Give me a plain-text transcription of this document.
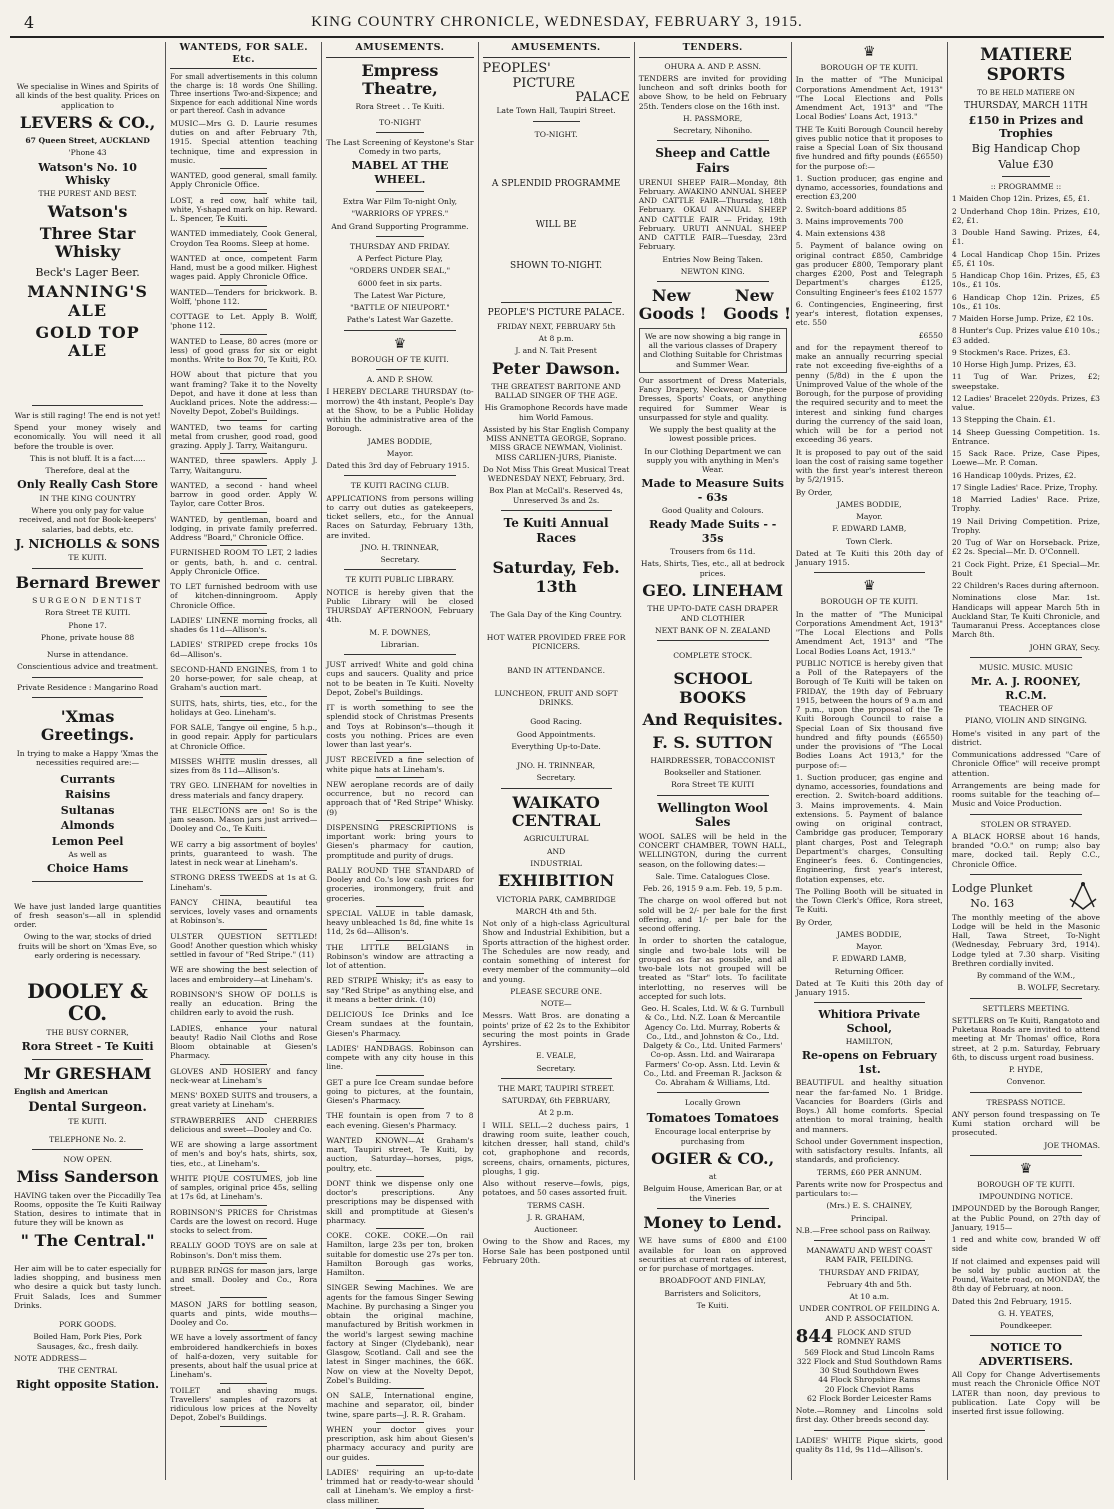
4	KING COUNTRY CHRONICLE, WEDNESDAY, FEBRUARY 3, 1915.

We specialise in Wines and Spirits of all kinds of the best quality. Prices on application to

LEVERS & CO.,

67 Queen Street, AUCKLAND

'Phone 43

Watson's No. 10 Whisky

THE PUREST AND BEST.

Watson's
Three Star Whisky
Beck's Lager Beer.
MANNING'S ALE
GOLD TOP ALE

War is still raging! The end is not yet!

Spend your money wisely and economically. You will need it all before the trouble is over.

This is not bluff. It is a fact.....

Therefore, deal at the

Only Really Cash Store

IN THE KING COUNTRY

Where you only pay for value received, and not for Book-keepers' salaries, bad debts, etc.

J. NICHOLLS & SONS

TE KUITI.

Bernard Brewer

SURGEON DENTIST

Rora Street TE KUITI.

Phone 17.

Phone, private house 88

Nurse in attendance.

Conscientious advice and treatment.

Private Residence : Mangarino Road

'Xmas Greetings.

In trying to make a Happy 'Xmas the necessities required are:—

Currants
Raisins
Sultanas
Almonds
Lemon Peel

As well as

Choice Hams

We have just landed large quantities of fresh season's—all in splendid order.

Owing to the war, stocks of dried fruits will be short on 'Xmas Eve, so early ordering is necessary.

DOOLEY & CO.

THE BUSY CORNER,

Rora Street - Te Kuiti
Mr GRESHAM

English and American

Dental Surgeon.

TE KUITI.

TELEPHONE No. 2.

NOW OPEN.

Miss Sanderson

HAVING taken over the Piccadilly Tea Rooms, opposite the Te Kuiti Railway Station, desires to intimate that in future they will be known as

" The Central."

Her aim will be to cater especially for ladies shopping, and business men who desire a quick but tasty lunch. Fruit Salads, Ices and Summer Drinks.

PORK GOODS.

Boiled Ham, Pork Pies, Pork Sausages, &c., fresh daily.

NOTE ADDRESS—

THE CENTRAL

Right opposite Station.
WANTEDS, FOR SALE. Etc.

For small advertisements in this column the charge is: 18 words One Shilling. Three insertions Two-and-Sixpence; and Sixpence for each additional Nine words or part thereof. Cash in advance

MUSIC—Mrs G. D. Laurie resumes duties on and after February 7th, 1915. Special attention teaching technique, time and expression in music.

WANTED, good general, small family. Apply Chronicle Office.

LOST, a red cow, half white tail, white, Y-shaped mark on hip. Reward. L. Spencer, Te Kuiti.

WANTED immediately, Cook General, Croydon Tea Rooms. Sleep at home.

WANTED at once, competent Farm Hand, must be a good milker. Highest wages paid. Apply Chronicle Office.

WANTED—Tenders for brickwork. B. Wolff, 'phone 112.

COTTAGE to Let. Apply B. Wolff, 'phone 112.

WANTED to Lease, 80 acres (more or less) of good grass for six or eight months. Write to Box 70, Te Kuiti, P.O.

HOW about that picture that you want framing? Take it to the Novelty Depot, and have it done at less than Auckland prices. Note the address:—Novelty Depot, Zobel's Buildings.

WANTED, two teams for carting metal from crusher, good road, good grazing. Apply J. Tarry, Waitanguru.

WANTED, three spawlers. Apply J. Tarry, Waitanguru.

WANTED, a second - hand wheel barrow in good order. Apply W. Taylor, care Cotter Bros.

WANTED, by gentleman, board and lodging, in private family preferred. Address "Board," Chronicle Office.

FURNISHED ROOM TO LET, 2 ladies or gents, bath, h. and c. central. Apply Chronicle Office.

TO LET furnished bedroom with use of kitchen-dinningroom. Apply Chronicle Office.

LADIES' LINENE morning frocks, all shades 6s 11d—Allison's.

LADIES' STRIPED crepe frocks 10s 6d—Allison's.

SECOND-HAND ENGINES, from 1 to 20 horse-power, for sale cheap, at Graham's auction mart.

SUITS, hats, shirts, ties, etc., for the holidays at Geo. Lineham's.

FOR SALE, Tangye oil engine, 5 h.p., in good repair. Apply for particulars at Chronicle Office.

MISSES WHITE muslin dresses, all sizes from 8s 11d—Allison's.

TRY GEO. LINEHAM for novelties in dress materials and fancy drapery.

THE ELECTIONS are on! So is the jam season. Mason jars just arrived—Dooley and Co., Te Kuiti.

WE carry a big assortment of boyles' prints, guaranteed to wash. The latest in neck wear at Lineham's.

STRONG DRESS TWEEDS at 1s at G. Lineham's.

FANCY CHINA, beautiful tea services, lovely vases and ornaments at Robinson's.

ULSTER QUESTION SETTLED! Good! Another question which whisky settled in favour of "Red Stripe." (11)

WE are showing the best selection of laces and embroidery—at Lineham's.

ROBINSON'S SHOW OF DOLLS is really an education. Bring the children early to avoid the rush.

LADIES, enhance your natural beauty! Radio Nail Cloths and Rose Bloom obtainable at Giesen's Pharmacy.

GLOVES AND HOSIERY and fancy neck-wear at Lineham's

MENS' BOXED SUITS and trousers, a great variety at Lineham's.

STRAWBERRIES AND CHERRIES delicious and sweet—Dooley and Co.

WE are showing a large assortment of men's and boy's hats, shirts, sox, ties, etc., at Lineham's.

WHITE PIQUE COSTUMES, job line of samples, original price 45s, selling at 17s 6d, at Lineham's.

ROBINSON'S PRICES for Christmas Cards are the lowest on record. Huge stocks to select from.

REALLY GOOD TOYS are on sale at Robinson's. Don't miss them.

RUBBER RINGS for mason jars, large and small. Dooley and Co., Rora street.

MASON JARS for bottling season, quarts and pints, wide mouths—Dooley and Co.

WE have a lovely assortment of fancy embroidered handkerchiefs in boxes of half-a-dozen, very suitable for presents, about half the usual price at Lineham's.

TOILET and shaving mugs. Travellers' samples of razors at ridiculous low prices at the Novelty Depot, Zobel's Buildings.

AMUSEMENTS.
Empress Theatre,

Rora Street . . Te Kuiti.

TO-NIGHT

The Last Screening of Keystone's Star Comedy in two parts,

MABEL AT THE WHEEL.

Extra War Film To-night Only,

"WARRIORS OF YPRES."

And Grand Supporting Programme.

THURSDAY AND FRIDAY.

A Perfect Picture Play,

"ORDERS UNDER SEAL,"

6000 feet in six parts.

The Latest War Picture,

"BATTLE OF NIEUPORT."

Pathe's Latest War Gazette.

♛

BOROUGH OF TE KUITI.

A. AND P. SHOW.

I HEREBY DECLARE THURSDAY (to-morrow) the 4th instant, People's Day at the Show, to be a Public Holiday within the administrative area of the Borough.

JAMES BODDIE,

Mayor.

Dated this 3rd day of February 1915.

TE KUITI RACING CLUB.

APPLICATIONS from persons willing to carry out duties as gatekeepers, ticket sellers, etc., for the Annual Races on Saturday, February 13th, are invited.

JNO. H. TRINNEAR,

Secretary.

TE KUITI PUBLIC LIBRARY.

NOTICE is hereby given that the Public Library will be closed THURSDAY AFTERNOON, February 4th.

M. F. DOWNES,

Librarian.

JUST arrived! White and gold china cups and saucers. Quality and price not to be beaten in Te Kuiti. Novelty Depot, Zobel's Buildings.

IT is worth something to see the splendid stock of Christmas Presents and Toys at Robinson's—though it costs you nothing. Prices are even lower than last year's.

JUST RECEIVED a fine selection of white pique hats at Lineham's.

NEW aeroplane records are of daily occurrence, but no record can approach that of "Red Stripe" Whisky. (9)

DISPENSING PRESCRIPTIONS is important work: bring yours to Giesen's pharmacy for caution, promptitude and purity of drugs.

RALLY ROUND THE STANDARD of Dooley and Co.'s low cash prices for groceries, ironmongery, fruit and groceries.

SPECIAL VALUE in table damask, heavy unbleached 1s 8d, fine white 1s 11d, 2s 6d—Allison's.

THE LITTLE BELGIANS in Robinson's window are attracting a lot of attention.

RED STRIPE Whisky; it's as easy to say "Red Stripe" as anything else, and it means a better drink. (10)

DELICIOUS Ice Drinks and Ice Cream sundaes at the fountain, Giesen's Pharmacy.

LADIES' HANDBAGS. Robinson can compete with any city house in this line.

GET a pure Ice Cream sundae before going to pictures, at the fountain, Giesen's Pharmacy.

THE fountain is open from 7 to 8 each evening. Giesen's Pharmacy.

WANTED KNOWN—At Graham's mart, Taupiri street, Te Kuiti, by auction, Saturday—horses, pigs, poultry, etc.

DONT think we dispense only one doctor's prescriptions. Any prescriptions may be dispensed with skill and promptitude at Giesen's pharmacy.

COKE. COKE. COKE.—On rail Hamilton, large 23s per ton, broken suitable for domestic use 27s per ton. Hamilton Borough gas works, Hamilton.

SINGER Sewing Machines. We are agents for the famous Singer Sewing Machine. By purchasing a Singer you obtain the original machine, manufactured by British workmen in the world's largest sewing machine factory at Singer (Clydebank), near Glasgow, Scotland. Call and see the latest in Singer machines, the 66K. Now on view at the Novelty Depot, Zobel's Building.

ON SALE, International engine, machine and separator, oil, binder twine, spare parts—J. R. R. Graham.

WHEN your doctor gives your prescription, ask him about Giesen's pharmacy accuracy and purity are our guides.

LADIES' requiring an up-to-date trimmed hat or ready-to-wear should call at Lineham's. We employ a first-class milliner.

AMUSEMENTS.
PEOPLES'
PICTURE
PALACE

Late Town Hall, Taupiri Street.

TO-NIGHT.

A SPLENDID PROGRAMME
WILL BE
SHOWN TO-NIGHT.

PEOPLE'S PICTURE PALACE.

FRIDAY NEXT, FEBRUARY 5th

At 8 p.m.

J. and N. Tait Present

Peter Dawson.

THE GREATEST BARITONE AND BALLAD SINGER OF THE AGE.

His Gramophone Records have made him World Famous.

Assisted by his Star English Company MISS ANNETTA GEORGE, Soprano. MISS GRACE NEWMAN, Violinist. MISS CARLIEN-JURS, Pianiste.

Do Not Miss This Great Musical Treat WEDNESDAY NEXT, February, 3rd.

Box Plan at McCall's. Reserved 4s, Unreserved 3s and 2s.

Te Kuiti Annual Races
Saturday, Feb. 13th

The Gala Day of the King Country.

HOT WATER PROVIDED FREE FOR PICNICERS.

BAND IN ATTENDANCE.

LUNCHEON, FRUIT AND SOFT DRINKS.

Good Racing.

Good Appointments.

Everything Up-to-Date.

JNO. H. TRINNEAR,

Secretary.

WAIKATO CENTRAL

AGRICULTURAL

AND

INDUSTRIAL

EXHIBITION

VICTORIA PARK, CAMBRIDGE

MARCH 4th and 5th.

Not only of a high-class Agricultural Show and Industrial Exhibition, but a Sports attraction of the highest order. The Schedules are now ready, and contain something of interest for every member of the community—old and young.

PLEASE SECURE ONE.

NOTE—

Messrs. Watt Bros. are donating a points' prize of £2 2s to the Exhibitor securing the most points in Grade Ayrshires.

E. VEALE,

Secretary.

THE MART, TAUPIRI STREET.

SATURDAY, 6th FEBRUARY,

At 2 p.m.

I WILL SELL—2 duchess pairs, 1 drawing room suite, leather couch, kitchen dresser, hall stand, child's cot, graphophone and records, screens, chairs, ornaments, pictures, ploughs, 1 gig.

Also without reserve—fowls, pigs, potatoes, and 50 cases assorted fruit.

TERMS CASH.

J. R. GRAHAM,

Auctioneer.

Owing to the Show and Races, my Horse Sale has been postponed until February 20th.

TENDERS.

OHURA A. AND P. ASSN.

TENDERS are invited for providing luncheon and soft drinks booth for above Show, to be held on February 25th. Tenders close on the 16th inst.

H. PASSMORE,

Secretary, Nihoniho.

Sheep and Cattle Fairs

URENUI SHEEP FAIR—Monday, 8th February. AWAKINO ANNUAL SHEEP AND CATTLE FAIR—Thursday, 18th February. OKAU ANNUAL SHEEP AND CATTLE FAIR — Friday, 19th February. URUTI ANNUAL SHEEP AND CATTLE FAIR—Tuesday, 23rd February.

Entries Now Being Taken.

NEWTON KING.

New        New
Goods !   Goods !

We are now showing a big range in all the various classes of Drapery and Clothing Suitable for Christmas and Summer Wear.

Our assortment of Dress Materials, Fancy Drapery, Neckwear, One-piece Dresses, Sports' Coats, or anything required for Summer Wear is unsurpassed for style and quality.

We supply the best quality at the lowest possible prices.

In our Clothing Department we can supply you with anything in Men's Wear.

Made to Measure Suits - 63s

Good Quality and Colours.

Ready Made Suits - - 35s

Trousers from 6s 11d.

Hats, Shirts, Ties, etc., all at bedrock prices.

GEO. LINEHAM

THE UP-TO-DATE CASH DRAPER AND CLOTHIER

NEXT BANK OF N. ZEALAND

COMPLETE STOCK.

SCHOOL BOOKS
And Requisites.
F. S. SUTTON

HAIRDRESSER, TOBACCONIST

Bookseller and Stationer.

Rora Street TE KUITI

Wellington Wool Sales

WOOL SALES will be held in the CONCERT CHAMBER, TOWN HALL, WELLINGTON, during the current season, on the following dates:—

Sale. Time. Catalogues Close.

Feb. 26, 1915 9 a.m. Feb. 19, 5 p.m.

The charge on wool offered but not sold will be 2/- per bale for the first offering, and 1/- per bale for the second offering.

In order to shorten the catalogue, single and two-bale lots will be grouped as far as possible, and all two-bale lots not grouped will be treated as "Star" lots. To facilitate interlotting, no reserves will be accepted for such lots.

Geo. H. Scales, Ltd. W. & G. Turnbull & Co., Ltd. N.Z. Loan & Mercantile Agency Co. Ltd. Murray, Roberts & Co., Ltd., and Johnston & Co., Ltd. Dalgety & Co., Ltd. United Farmers' Co-op. Assn. Ltd. and Wairarapa Farmers' Co-op. Assn. Ltd. Levin & Co., Ltd. and Freeman R. Jackson & Co. Abraham & Williams, Ltd.

Locally Grown

Tomatoes Tomatoes

Encourage local enterprise by purchasing from

OGIER & CO.,

at

Belguim House, American Bar, or at the Vineries

Money to Lend.

WE have sums of £800 and £100 available for loan on approved securities at current rates of interest, or for purchase of mortgages.

BROADFOOT AND FINLAY,

Barristers and Solicitors,

Te Kuiti.

♛

BOROUGH OF TE KUITI.

In the matter of "The Municipal Corporations Amendment Act, 1913" "The Local Elections and Polls Amendment Act, 1913" and "The Local Bodies' Loans Act, 1913."

THE Te Kuiti Borough Council hereby gives public notice that it proposes to raise a Special Loan of Six thousand five hundred and fifty pounds (£6550) for the purpose of:—

1. Suction producer, gas engine and dynamo, accessories, foundations and erection £3,200

2. Switch-board additions 85

3. Mains improvements 700

4. Main extensions 438

5. Payment of balance owing on original contract £850, Cambridge gas producer £800, Temporary plant charges £200, Post and Telegraph Department's charges £125, Consulting Engineer's fees £102 1577

6. Contingencies, Engineering, first year's interest, flotation expenses, etc. 550

£6550

and for the repayment thereof to make an annually recurring special rate not exceeding five-eighths of a penny (5/8d) in the £ upon the Unimproved Value of the whole of the Borough, for the purpose of providing the required security and to meet the interest and sinking fund charges during the currency of the said loan, which will be for a period not exceeding 36 years.

It is proposed to pay out of the said loan the cost of raising same together with the first year's interest thereon by 5/2/1915.

By Order,

JAMES BODDIE,

Mayor.

F. EDWARD LAMB,

Town Clerk.

Dated at Te Kuiti this 20th day of January 1915.

♛

BOROUGH OF TE KUITI.

In the matter of "The Municipal Corporations Amendment Act, 1913" "The Local Elections and Polls Amendment Act, 1913" and "The Local Bodies Loans Act, 1913."

PUBLIC NOTICE is hereby given that a Poll of the Ratepayers of the Borough of Te Kuiti will be taken on FRIDAY, the 19th day of February 1915, between the hours of 9 a.m and 7 p.m., upon the proposal of the Te Kuiti Borough Council to raise a Special Loan of Six thousand five hundred and fifty pounds (£6550) under the provisions of "The Local Bodies Loans Act 1913," for the purpose of:—

1. Suction producer, gas engine and dynamo, accessories, foundations and erection. 2. Switch-board additions. 3. Mains improvements. 4. Main extensions. 5. Payment of balance owing on original contract, Cambridge gas producer, Temporary plant charges, Post and Telegraph Department's charges, Consulting Engineer's fees. 6. Contingencies, Engineering, first year's interest, flotation expenses, etc.

The Polling Booth will be situated in the Town Clerk's Office, Rora street, Te Kuiti.

By Order,

JAMES BODDIE,

Mayor.

F. EDWARD LAMB,

Returning Officer.

Dated at Te Kuiti this 20th day of January 1915.

Whitiora Private School,

HAMILTON,

Re-opens on February 1st.

BEAUTIFUL and healthy situation near the far-famed No. 1 Bridge. Vacancies for Boarders (Girls and Boys.) All home comforts. Special attention to moral training, health and manners.

School under Government inspection, with satisfactory results. Infants, all standards, and proficiency.

TERMS, £60 PER ANNUM.

Parents write now for Prospectus and particulars to:—

(Mrs.) E. S. CHAINEY,

Principal.

N.B.—Free school pass on Railway.

MANAWATU AND WEST COAST RAM FAIR, FEILDING.

THURSDAY AND FRIDAY,

February 4th and 5th.

At 10 a.m.

UNDER CONTROL OF FEILDING A. AND P. ASSOCIATION.

844 FLOCK AND STUD ROMNEY RAMS

569 Flock and Stud Lincoln Rams
322 Flock and Stud Southdown Rams
30 Stud Southdown Ewes
44 Flock Shropshire Rams
20 Flock Cheviot Rams
62 Flock Border Leicester Rams

Note.—Romney and Lincolns sold first day. Other breeds second day.

LADIES' WHITE Pique skirts, good quality 8s 11d, 9s 11d—Allison's.

MATIERE SPORTS

TO BE HELD MATIERE ON

THURSDAY, MARCH 11TH
£150 in Prizes and Trophies
Big Handicap Chop
Value £30

:: PROGRAMME ::

1 Maiden Chop 12in. Prizes, £5, £1.

2 Underhand Chop 18in. Prizes, £10, £2, £1.

3 Double Hand Sawing. Prizes, £4, £1.

4 Local Handicap Chop 15in. Prizes £5, £1 10s.

5 Handicap Chop 16in. Prizes, £5, £3 10s., £1 10s.

6 Handicap Chop 12in. Prizes, £5 10s., £1 10s.

7 Maiden Horse Jump. Prize, £2 10s.

8 Hunter's Cup. Prizes value £10 10s.; £3 added.

9 Stockmen's Race. Prizes, £3.

10 Horse High Jump. Prizes, £3.

11 Tug of War. Prizes, £2; sweepstake.

12 Ladies' Bracelet 220yds. Prizes, £3 value.

13 Stepping the Chain. £1.

14 Sheep Guessing Competition. 1s. Entrance.

15 Sack Race. Prize, Case Pipes, Loewe—Mr. P. Coman.

16 Handicap 100yds. Prizes, £2.

17 Single Ladies' Race. Prize, Trophy.

18 Married Ladies' Race. Prize, Trophy.

19 Nail Driving Competition. Prize, Trophy.

20 Tug of War on Horseback. Prize, £2 2s. Special—Mr. D. O'Connell.

21 Cock Fight. Prize, £1 Special—Mr. Boult

22 Children's Races during afternoon.

Nominations close Mar. 1st. Handicaps will appear March 5th in Auckland Star, Te Kuiti Chronicle, and Taumaranui Press. Acceptances close March 8th.

JOHN GRAY, Secy.

MUSIC. MUSIC. MUSIC

Mr. A. J. ROONEY, R.C.M.

TEACHER OF

PIANO, VIOLIN AND SINGING.

Home's visited in any part of the district.

Communications addressed "Care of Chronicle Office" will receive prompt attention.

Arrangements are being made for rooms suitable for the teaching of—Music and Voice Production.

STOLEN OR STRAYED.

A BLACK HORSE about 16 hands, branded "O.O." on rump; also bay mare, docked tail. Reply C.C., Chronicle Office.

Lodge Plunket
No. 163

The monthly meeting of the above Lodge will be held in the Masonic Hall, Tawa Street, To-Night (Wednesday, February 3rd, 1914). Lodge tyled at 7.30 sharp. Visiting Brethren cordially invited.

By command of the W.M.,

B. WOLFF, Secretary.

SETTLERS MEETING.

SETTLERS on Te Kuiti, Rangatoto and Puketaua Roads are invited to attend meeting at Mr Thomas' office, Rora street, at 2 p.m. Saturday, February 6th, to discuss urgent road business.

P. HYDE,

Convenor.

TRESPASS NOTICE.

ANY person found trespassing on Te Kumi station orchard will be prosecuted.

JOE THOMAS.

♛

BOROUGH OF TE KUITI.

IMPOUNDING NOTICE.

IMPOUNDED by the Borough Ranger, at the Public Pound, on 27th day of January, 1915—

1 red and white cow, branded W off side

If not claimed and expenses paid will be sold by public auction at the Pound, Waitete road, on MONDAY, the 8th day of February, at noon.

Dated this 2nd February, 1915.

G. H. YEATES,

Poundkeeper.

NOTICE TO ADVERTISERS.

All Copy for Change Advertisements must reach the Chronicle Office NOT LATER than noon, day previous to publication. Late Copy will be inserted first issue following.
